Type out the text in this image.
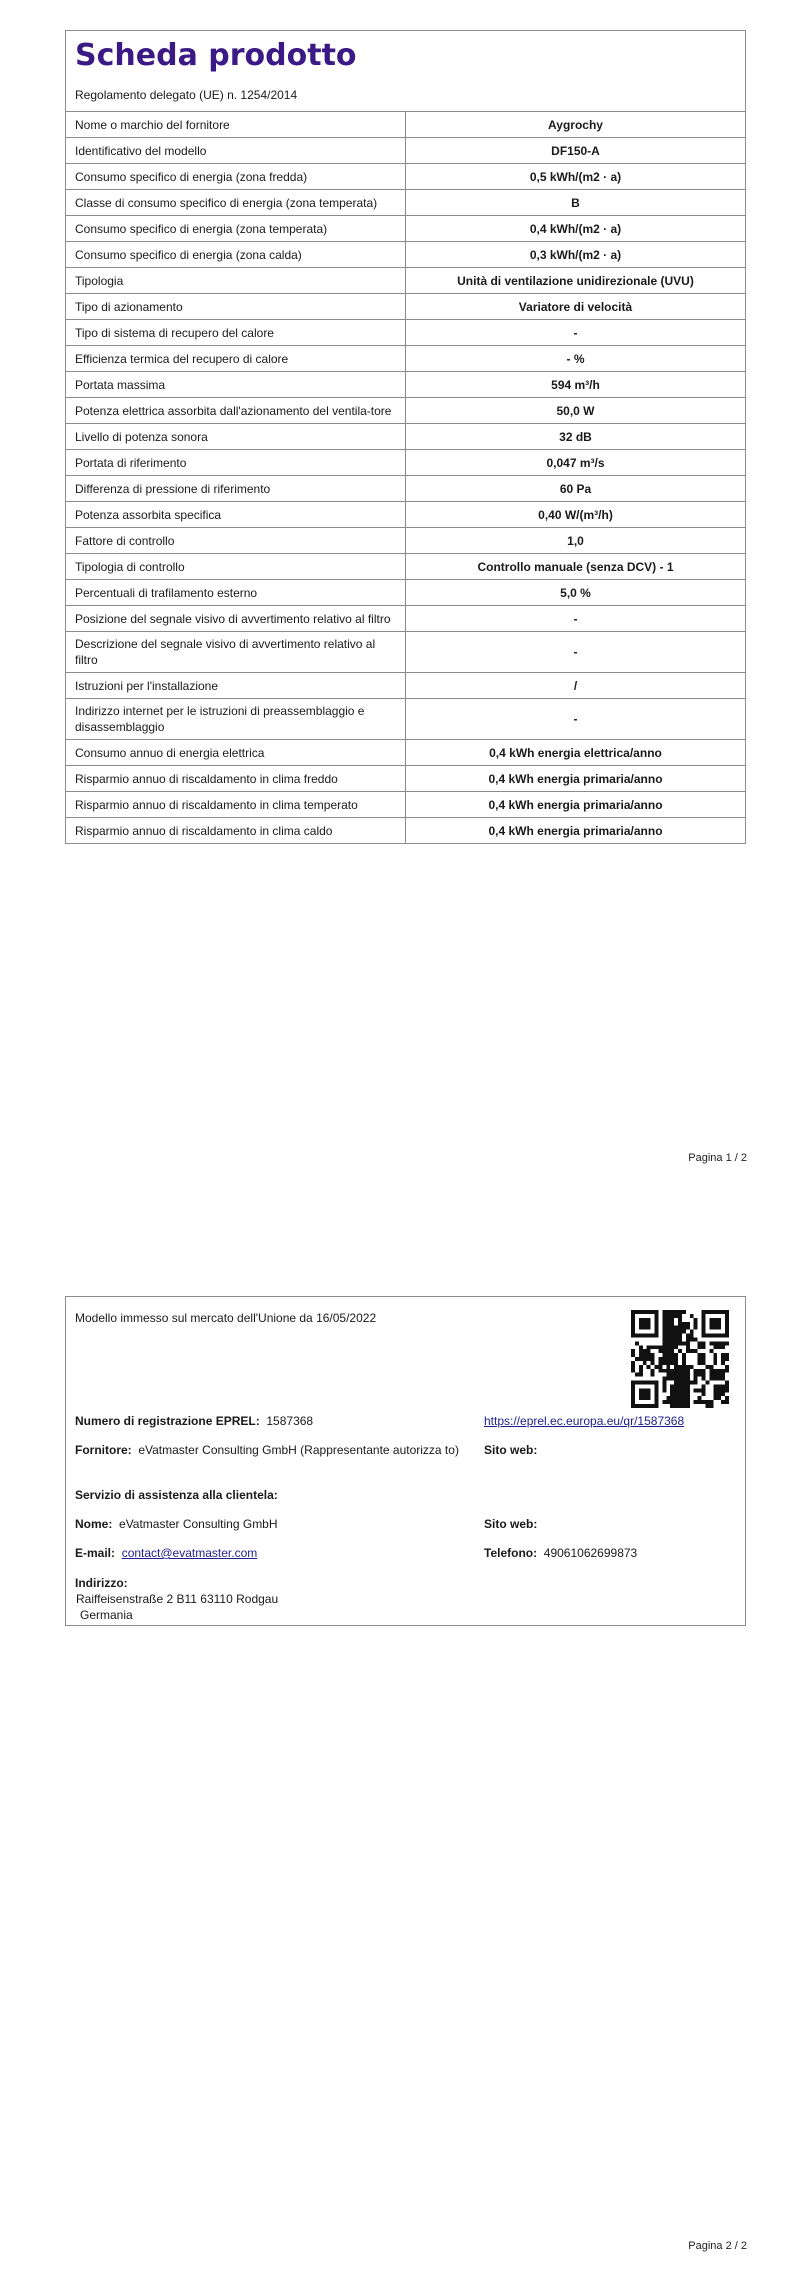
Scheda prodotto
Regolamento delegato (UE) n. 1254/2014
Nome o marchio del fornitore	Aygrochy
Identificativo del modello	DF150-A
Consumo specifico di energia (zona fredda)	0,5 kWh/(m2 · a)
Classe di consumo specifico di energia (zona temperata)	B
Consumo specifico di energia (zona temperata)	0,4 kWh/(m2 · a)
Consumo specifico di energia (zona calda)	0,3 kWh/(m2 · a)
Tipologia	Unità di ventilazione unidirezionale (UVU)
Tipo di azionamento	Variatore di velocità
Tipo di sistema di recupero del calore	-
Efficienza termica del recupero di calore	- %
Portata massima	594 m³/h
Potenza elettrica assorbita dall'azionamento del ventila-tore	50,0 W
Livello di potenza sonora	32 dB
Portata di riferimento	0,047 m³/s
Differenza di pressione di riferimento	60 Pa
Potenza assorbita specifica	0,40 W/(m³/h)
Fattore di controllo	1,0
Tipologia di controllo	Controllo manuale (senza DCV) - 1
Percentuali di trafilamento esterno	5,0 %
Posizione del segnale visivo di avvertimento relativo al filtro	-
Descrizione del segnale visivo di avvertimento relativo al filtro	-
Istruzioni per l'installazione	/
Indirizzo internet per le istruzioni di preassemblaggio e disassemblaggio	-
Consumo annuo di energia elettrica	0,4 kWh energia elettrica/anno
Risparmio annuo di riscaldamento in clima freddo	0,4 kWh energia primaria/anno
Risparmio annuo di riscaldamento in clima temperato	0,4 kWh energia primaria/anno
Risparmio annuo di riscaldamento in clima caldo	0,4 kWh energia primaria/anno
Pagina 1 / 2
Modello immesso sul mercato dell'Unione da 16/05/2022
Numero di registrazione EPREL: 1587368	https://eprel.ec.europa.eu/qr/1587368
Fornitore: eVatmaster Consulting GmbH (Rappresentante autorizza to)	Sito web:
Servizio di assistenza alla clientela:
Nome: eVatmaster Consulting GmbH	Sito web:
E-mail: contact@evatmaster.com	Telefono: 49061062699873
Indirizzo:
Raiffeisenstraße 2 B11 63110 Rodgau
Germania
Pagina 2 / 2
